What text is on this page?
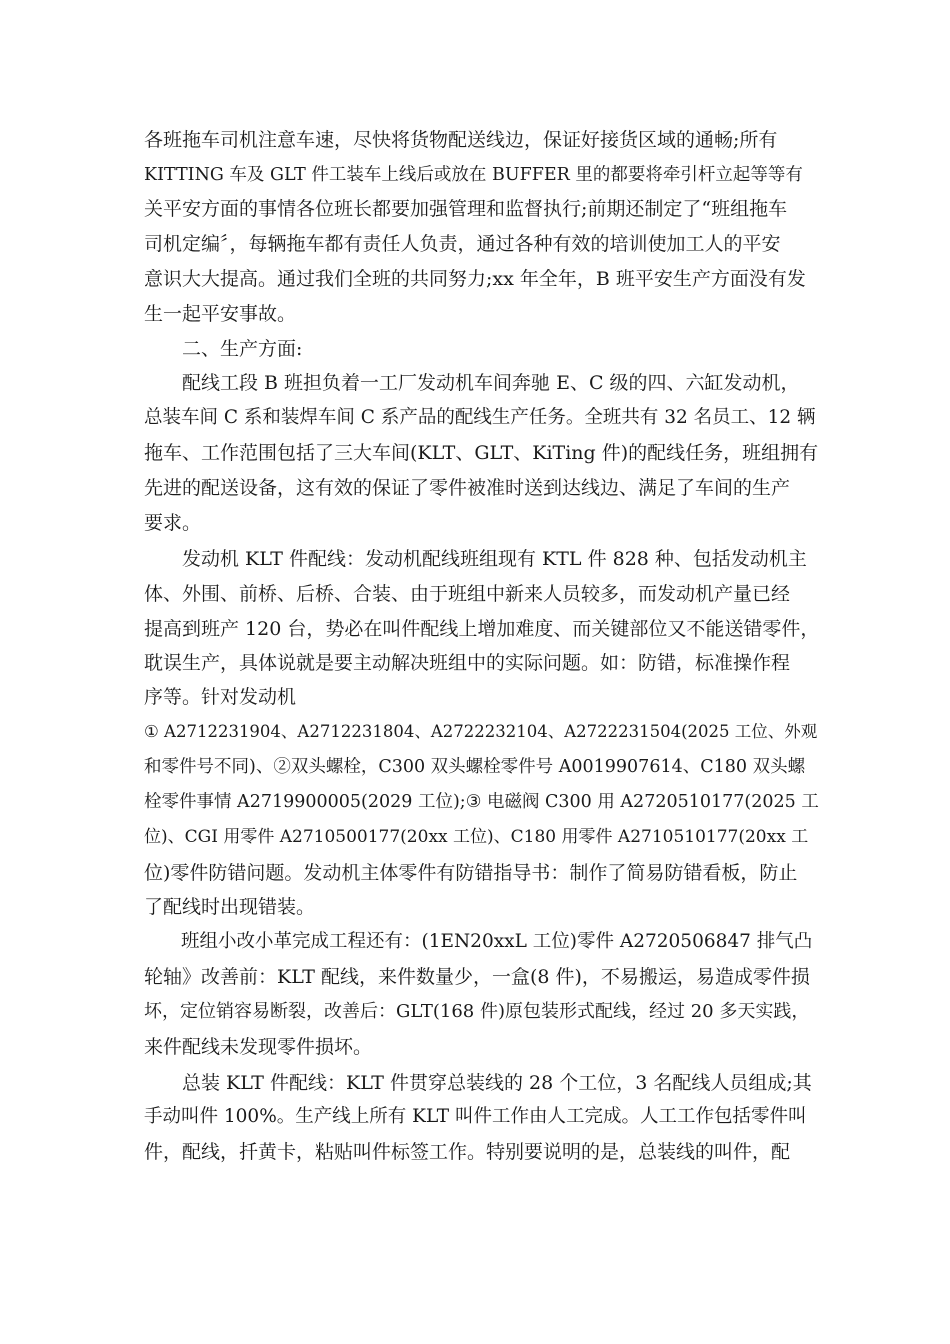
各班拖车司机注意车速，尽快将货物配送线边，保证好接货区域的通畅;所有
KITTING 车及 GLT 件工装车上线后或放在 BUFFER 里的都要将牵引杆立起等等有
关平安方面的事情各位班长都要加强管理和监督执行;前期还制定了“班组拖车
司机定编〞，每辆拖车都有责任人负责，通过各种有效的培训使加工人的平安
意识大大提高。通过我们全班的共同努力;xx 年全年，B 班平安生产方面没有发
生一起平安事故。
　　二、生产方面:
　　配线工段 B 班担负着一工厂发动机车间奔驰 E、C 级的四、六缸发动机，
总装车间 C 系和装焊车间 C 系产品的配线生产任务。全班共有 32 名员工、12 辆
拖车、工作范围包括了三大车间(KLT、GLT、KiTing 件)的配线任务，班组拥有
先进的配送设备，这有效的保证了零件被准时送到达线边、满足了车间的生产
要求。
　　发动机 KLT 件配线：发动机配线班组现有 KTL 件 828 种、包括发动机主
体、外围、前桥、后桥、合装、由于班组中新来人员较多，而发动机产量已经
提高到班产 120 台，势必在叫件配线上增加难度、而关键部位又不能送错零件，
耽误生产，具体说就是要主动解决班组中的实际问题。如：防错，标准操作程
序等。针对发动机
① A2712231904、A2712231804、A2722232104、A2722231504(2025 工位、外观
和零件号不同)、②双头螺栓，C300 双头螺栓零件号 A0019907614、C180 双头螺
栓零件事情 A2719900005(2029 工位);③ 电磁阀 C300 用 A2720510177(2025 工
位)、CGI 用零件 A2710500177(20xx 工位)、C180 用零件 A2710510177(20xx 工
位)零件防错问题。发动机主体零件有防错指导书：制作了简易防错看板，防止
了配线时出现错装。
　　班组小改小革完成工程还有：(1EN20xxL 工位)零件 A2720506847 排气凸
轮轴》改善前：KLT 配线，来件数量少，一盒(8 件)，不易搬运，易造成零件损
坏，定位销容易断裂，改善后：GLT(168 件)原包装形式配线，经过 20 多天实践，
来件配线未发现零件损坏。
　　总装 KLT 件配线：KLT 件贯穿总装线的 28 个工位，3 名配线人员组成;其
手动叫件 100%。生产线上所有 KLT 叫件工作由人工完成。人工工作包括零件叫
件，配线，扦黄卡，粘贴叫件标签工作。特别要说明的是，总装线的叫件，配
